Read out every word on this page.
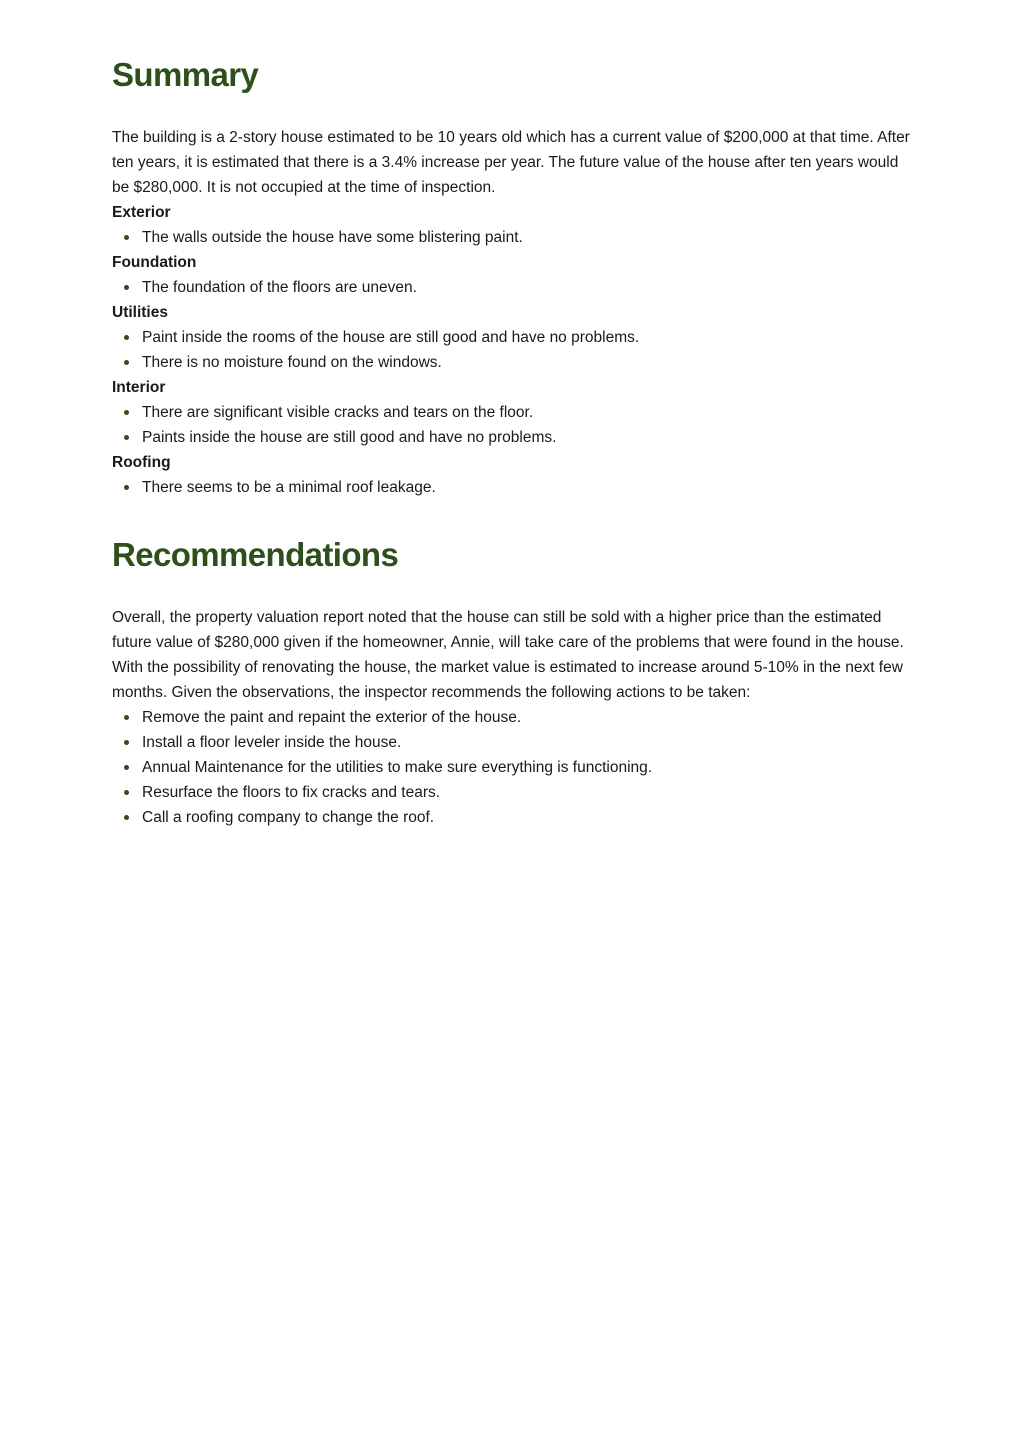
Summary

The building is a 2-story house estimated to be 10 years old which has a current value of $200,000 at that time. After ten years, it is estimated that there is a 3.4% increase per year. The future value of the house after ten years would be $280,000. It is not occupied at the time of inspection.

Exterior

The walls outside the house have some blistering paint.

Foundation

The foundation of the floors are uneven.

Utilities

Paint inside the rooms of the house are still good and have no problems.
There is no moisture found on the windows.

Interior

There are significant visible cracks and tears on the floor.
Paints inside the house are still good and have no problems.

Roofing

There seems to be a minimal roof leakage.
Recommendations

Overall, the property valuation report noted that the house can still be sold with a higher price than the estimated future value of $280,000 given if the homeowner, Annie, will take care of the problems that were found in the house. With the possibility of renovating the house, the market value is estimated to increase around 5-10% in the next few months. Given the observations, the inspector recommends the following actions to be taken:

Remove the paint and repaint the exterior of the house.
Install a floor leveler inside the house.
Annual Maintenance for the utilities to make sure everything is functioning.
Resurface the floors to fix cracks and tears.
Call a roofing company to change the roof.
